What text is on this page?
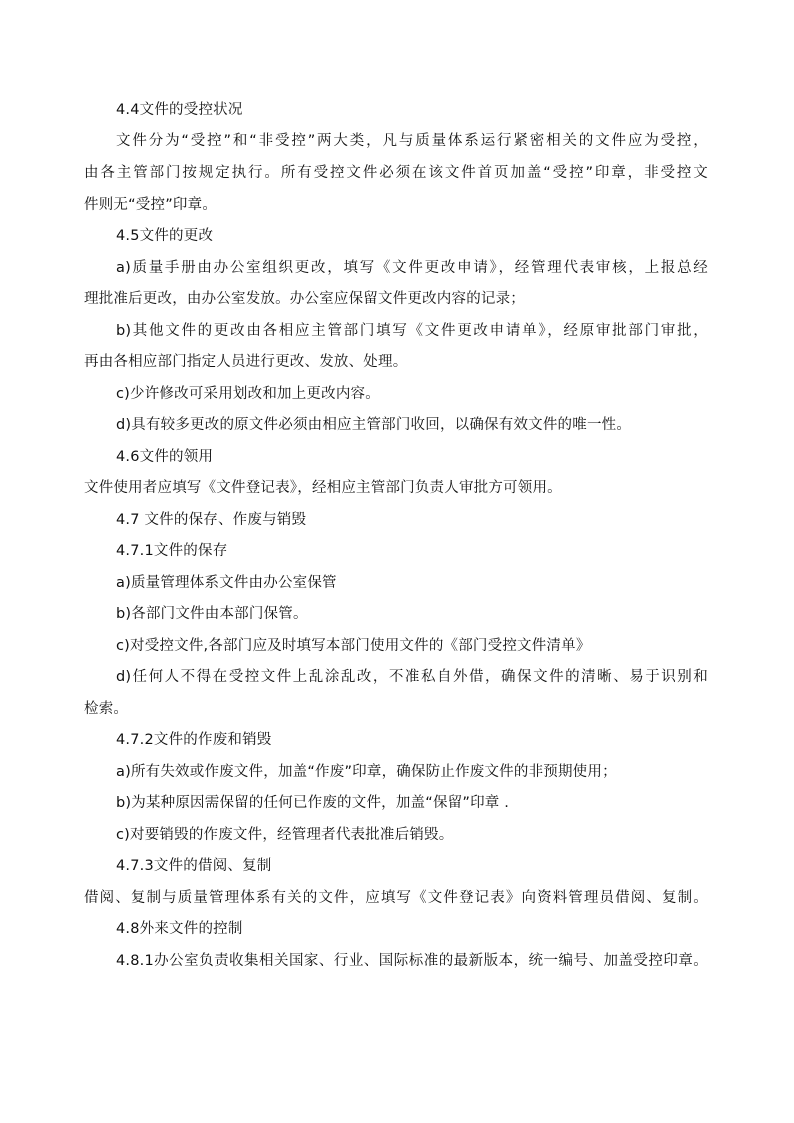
4.4文件的受控状况
文件分为“受控”和“非受控”两大类，凡与质量体系运行紧密相关的文件应为受控，
由各主管部门按规定执行。所有受控文件必须在该文件首页加盖“受控”印章，非受控文
件则无“受控”印章。
4.5文件的更改
a)质量手册由办公室组织更改，填写《文件更改申请》，经管理代表审核，上报总经
理批准后更改，由办公室发放。办公室应保留文件更改内容的记录；
b)其他文件的更改由各相应主管部门填写《文件更改申请单》，经原审批部门审批，
再由各相应部门指定人员进行更改、发放、处理。
c)少许修改可采用划改和加上更改内容。
d)具有较多更改的原文件必须由相应主管部门收回，以确保有效文件的唯一性。
4.6文件的领用
文件使用者应填写《文件登记表》，经相应主管部门负责人审批方可领用。
4.7 文件的保存、作废与销毁
4.7.1文件的保存
a)质量管理体系文件由办公室保管
b)各部门文件由本部门保管。
c)对受控文件,各部门应及时填写本部门使用文件的《部门受控文件清单》
d)任何人不得在受控文件上乱涂乱改，不准私自外借，确保文件的清晰、易于识别和
检索。
4.7.2文件的作废和销毁
a)所有失效或作废文件，加盖“作废”印章，确保防止作废文件的非预期使用；
b)为某种原因需保留的任何已作废的文件，加盖“保留”印章 .
c)对要销毁的作废文件，经管理者代表批准后销毁。
4.7.3文件的借阅、复制
借阅、复制与质量管理体系有关的文件，应填写《文件登记表》向资料管理员借阅、复制。
4.8外来文件的控制
4.8.1办公室负责收集相关国家、行业、国际标准的最新版本，统一编号、加盖受控印章。
